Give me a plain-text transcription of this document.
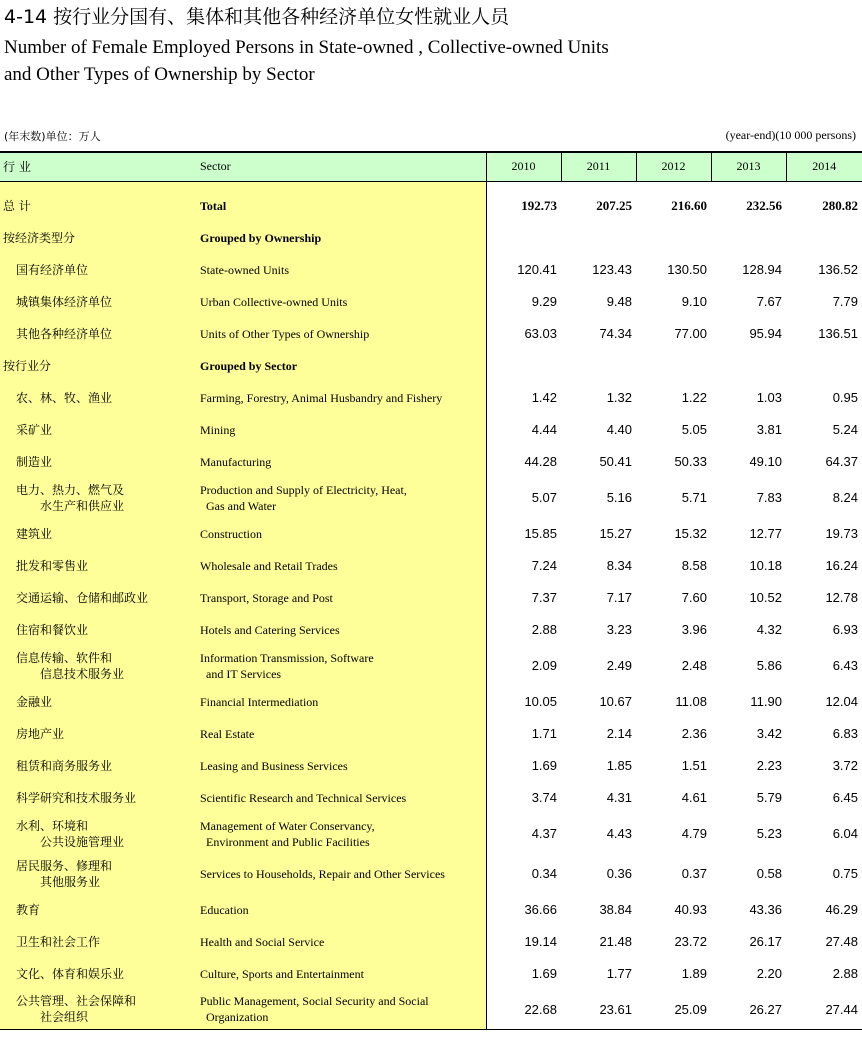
4-14 按行业分国有、集体和其他各种经济单位女性就业人员
Number of Female Employed Persons in State-owned , Collective-owned Units
and Other Types of Ownership by Sector
(年末数)单位：万人	(year-end)(10 000 persons)
行 业	Sector	2010	2011	2012	2013	2014

总 计	Total	192.73	207.25	216.60	232.56	280.82

按经济类型分	Grouped by Ownership					

国有经济单位	State-owned Units	120.41	123.43	130.50	128.94	136.52

城镇集体经济单位	Urban Collective-owned Units	9.29	9.48	9.10	7.67	7.79

其他各种经济单位	Units of Other Types of Ownership	63.03	74.34	77.00	95.94	136.51

按行业分	Grouped by Sector					

农、林、牧、渔业	Farming, Forestry, Animal Husbandry and Fishery	1.42	1.32	1.22	1.03	0.95

采矿业	Mining	4.44	4.40	5.05	3.81	5.24

制造业	Manufacturing	44.28	50.41	50.33	49.10	64.37

电力、热力、燃气及
水生产和供应业	Production and Supply of Electricity, Heat,
Gas and Water	5.07	5.16	5.71	7.83	8.24

建筑业	Construction	15.85	15.27	15.32	12.77	19.73

批发和零售业	Wholesale and Retail Trades	7.24	8.34	8.58	10.18	16.24

交通运输、仓储和邮政业	Transport, Storage and Post	7.37	7.17	7.60	10.52	12.78

住宿和餐饮业	Hotels and Catering Services	2.88	3.23	3.96	4.32	6.93

信息传输、软件和
信息技术服务业	Information Transmission, Software
and IT Services	2.09	2.49	2.48	5.86	6.43

金融业	Financial Intermediation	10.05	10.67	11.08	11.90	12.04

房地产业	Real Estate	1.71	2.14	2.36	3.42	6.83

租赁和商务服务业	Leasing and Business Services	1.69	1.85	1.51	2.23	3.72

科学研究和技术服务业	Scientific Research and Technical Services	3.74	4.31	4.61	5.79	6.45

水利、环境和
公共设施管理业	Management of Water Conservancy,
Environment and Public Facilities	4.37	4.43	4.79	5.23	6.04

居民服务、修理和
其他服务业	Services to Households, Repair and Other Services	0.34	0.36	0.37	0.58	0.75

教育	Education	36.66	38.84	40.93	43.36	46.29

卫生和社会工作	Health and Social Service	19.14	21.48	23.72	26.17	27.48

文化、体育和娱乐业	Culture, Sports and Entertainment	1.69	1.77	1.89	2.20	2.88

公共管理、社会保障和
社会组织	Public Management, Social Security and Social
Organization	22.68	23.61	25.09	26.27	27.44
